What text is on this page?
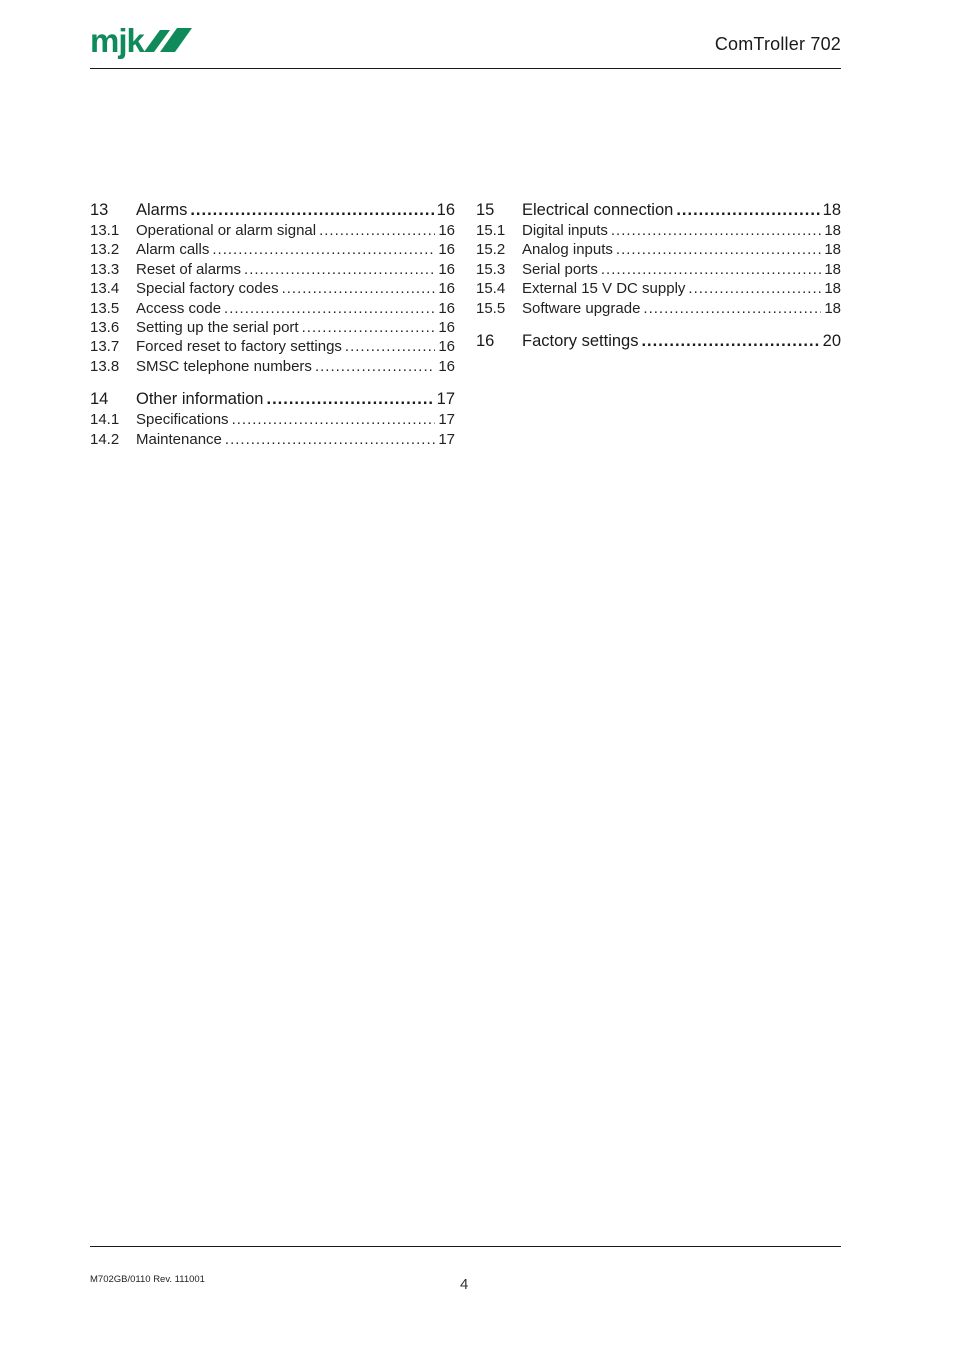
mjk	ComTroller 702
13	Alarms .....	16
13.1	Operational or alarm signal .....	16
13.2	Alarm calls .....	16
13.3	Reset of alarms .....	16
13.4	Special factory codes .....	16
13.5	Access code .....	16
13.6	Setting up the serial port .....	16
13.7	Forced reset to factory settings .....	16
13.8	SMSC telephone numbers .....	16
14	Other information .....	17
14.1	Specifications .....	17
14.2	Maintenance .....	17
15	Electrical connection .....	18
15.1	Digital inputs .....	18
15.2	Analog inputs .....	18
15.3	Serial ports .....	18
15.4	External 15 V DC supply .....	18
15.5	Software upgrade .....	18
16	Factory settings .....	20
M702GB/0110 Rev. 111001	4
